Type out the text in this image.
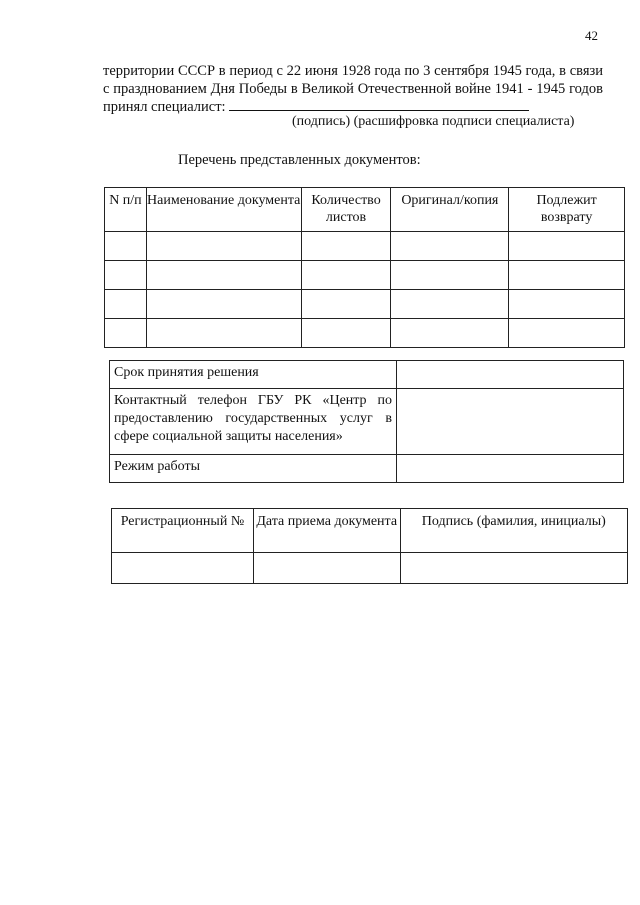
42
территории СССР в период с 22 июня 1928 года по 3 сентября 1945 года, в связи с празднованием Дня Победы в Великой Отечественной войне 1941 - 1945 годов принял специалист:
(подпись) (расшифровка подписи специалиста)
Перечень представленных документов:
N п/п	Наименование документа	Количество листов	Оригинал/копия	Подлежит возврату

Срок принятия решения	
Контактный телефон ГБУ РК «Центр по предоставлению государственных услуг в сфере социальной защиты населения»	
Режим работы	
Регистрационный №	Дата приема документа	Подпись (фамилия, инициалы)
